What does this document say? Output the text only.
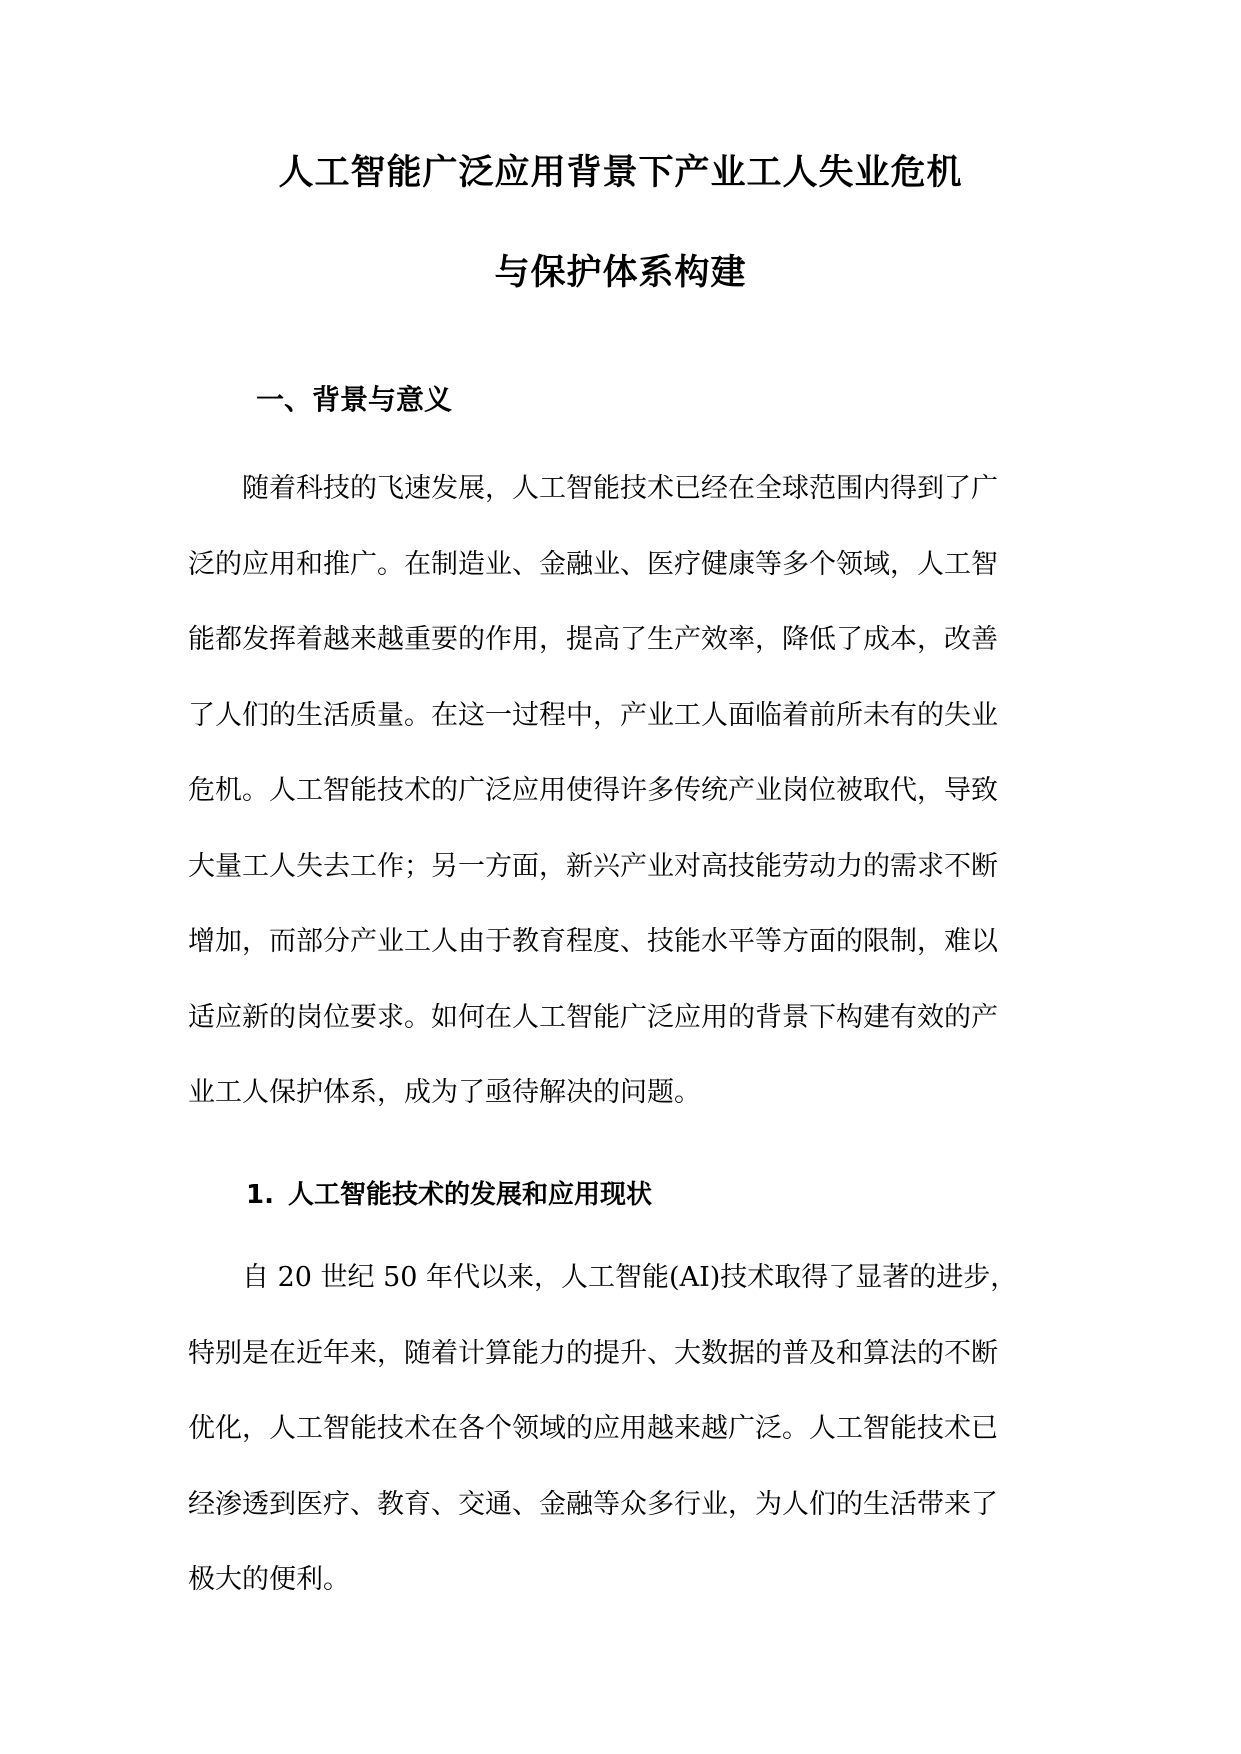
人工智能广泛应用背景下产业工人失业危机
与保护体系构建
一、背景与意义
随着科技的飞速发展，人工智能技术已经在全球范围内得到了广
泛的应用和推广。在制造业、金融业、医疗健康等多个领域，人工智
能都发挥着越来越重要的作用，提高了生产效率，降低了成本，改善
了人们的生活质量。在这一过程中，产业工人面临着前所未有的失业
危机。人工智能技术的广泛应用使得许多传统产业岗位被取代，导致
大量工人失去工作；另一方面，新兴产业对高技能劳动力的需求不断
增加，而部分产业工人由于教育程度、技能水平等方面的限制，难以
适应新的岗位要求。如何在人工智能广泛应用的背景下构建有效的产
业工人保护体系，成为了亟待解决的问题。
1. 人工智能技术的发展和应用现状
自 20 世纪 50 年代以来，人工智能(AI)技术取得了显著的进步，
特别是在近年来，随着计算能力的提升、大数据的普及和算法的不断
优化，人工智能技术在各个领域的应用越来越广泛。人工智能技术已
经渗透到医疗、教育、交通、金融等众多行业，为人们的生活带来了
极大的便利。
